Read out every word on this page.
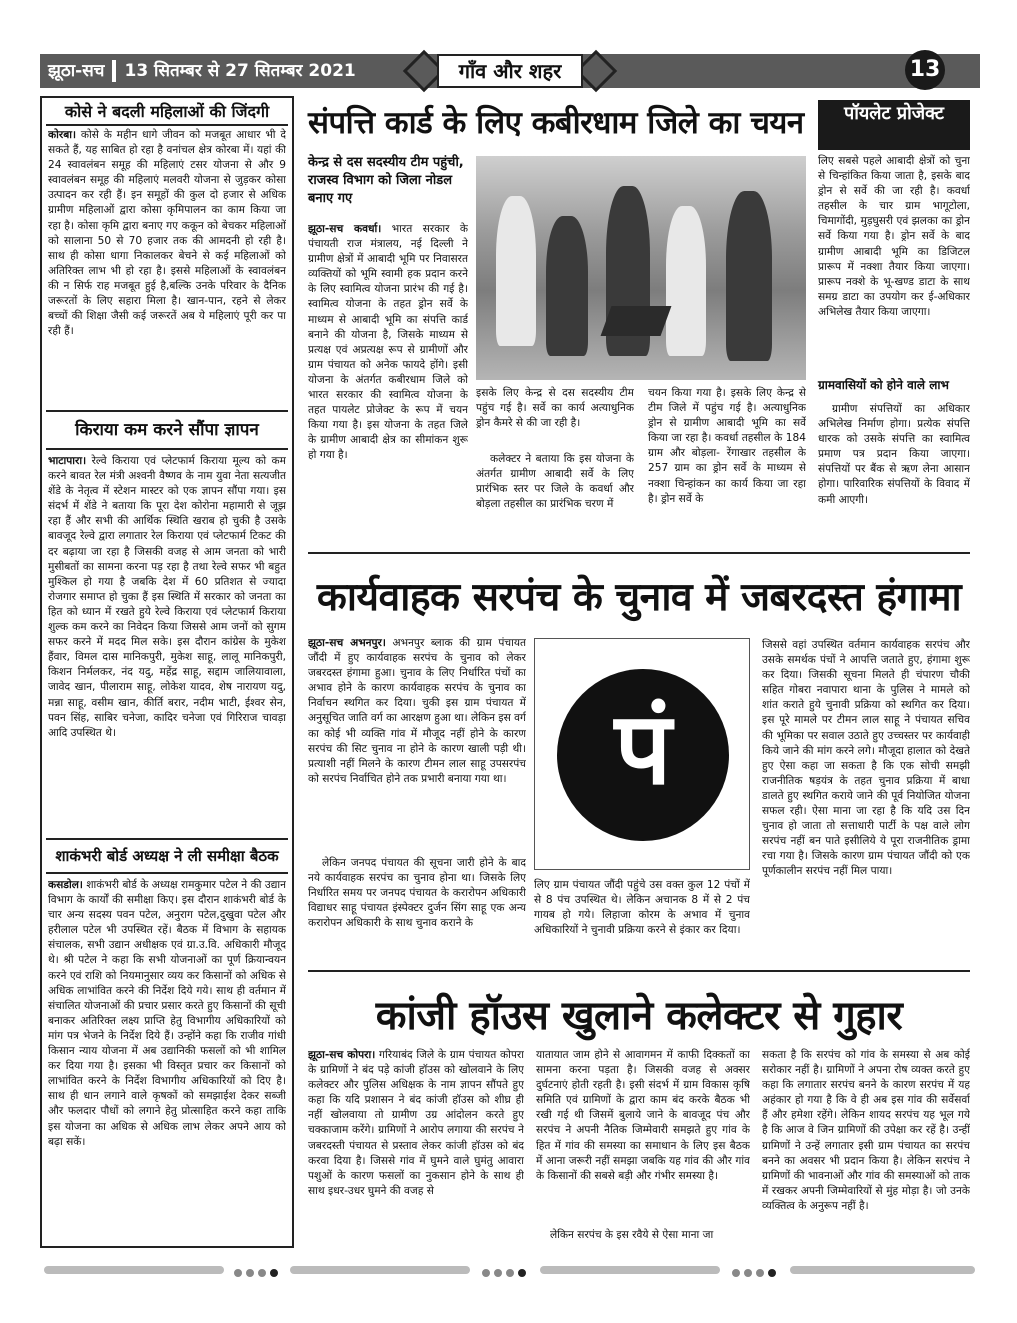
झूठा-सच 13 सितम्बर से 27 सितम्बर 2021	गाँव और शहर	13
कोसे ने बदली महिलाओं की जिंदगी
कोरबा। कोसे के महीन धागे जीवन को मजबूत आधार भी दे सकते हैं, यह साबित हो रहा है वनांचल क्षेत्र कोरबा में। यहां की 24 स्वावलंबन समूह की महिलाएं टसर योजना से और 9 स्वावलंबन समूह की महिलाएं मलवरी योजना से जुड़कर कोसा उत्पादन कर रही हैं। इन समूहों की कुल दो हजार से अधिक ग्रामीण महिलाओं द्वारा कोसा कृमिपालन का काम किया जा रहा है। कोसा कृमि द्वारा बनाए गए ककून को बेचकर महिलाओं को सालाना 50 से 70 हजार तक की आमदनी हो रही है। साथ ही कोसा धागा निकालकर बेचने से कई महिलाओं को अतिरिक्त लाभ भी हो रहा है। इससे महिलाओं के स्वावलंबन की न सिर्फ राह मजबूत हुई है,बल्कि उनके परिवार के दैनिक जरूरतों के लिए सहारा मिला है। खान-पान, रहने से लेकर बच्चों की शिक्षा जैसी कई जरूरतें अब ये महिलाएं पूरी कर पा रही हैं।
किराया कम करने सौंपा ज्ञापन
भाटापारा। रेल्वे किराया एवं प्लेटफार्म किराया मूल्य को कम करने बावत रेल मंत्री अश्वनी वैष्णव के नाम युवा नेता सत्यजीत शेंडे के नेतृत्व में स्टेशन मास्टर को एक ज्ञापन सौंपा गया। इस संदर्भ में शेंडे ने बताया कि पूरा देश कोरोना महामारी से जूझ रहा हैं और सभी की आर्थिक स्थिति खराब हो चुकी है उसके बावजूद रेल्वे द्वारा लगातार रेल किराया एवं प्लेटफार्म टिकट की दर बढ़ाया जा रहा है जिसकी वजह से आम जनता को भारी मुसीबतों का सामना करना पड़ रहा है तथा रेल्वे सफर भी बहुत मुश्किल हो गया है जबकि देश में 60 प्रतिशत से ज्यादा रोजगार समाप्त हो चुका हैं इस स्थिति में सरकार को जनता का हित को ध्यान में रखते हुये रेल्वे किराया एवं प्लेटफार्म किराया शुल्क कम करने का निवेदन किया जिससे आम जनों को सुगम सफर करने में मदद मिल सके। इस दौरान कांग्रेस के मुकेश हैंवार, विमल दास मानिकपुरी, मुकेश साहू, लालू मानिकपुरी, किशन निर्मलकर, नंद यदु, महेंद्र साहू, सद्दाम जालियावाला, जावेद खान, पीलाराम साहू, लोकेश यादव, शेष नारायण यदु, मन्ना साहू, वसीम खान, कीर्ति बरार, नदीम भाटी, ईश्वर सेन, पवन सिंह, साबिर चनेजा, कादिर चनेजा एवं गिरिराज चावड़ा आदि उपस्थित थे।
शाकंभरी बोर्ड अध्यक्ष ने ली समीक्षा बैठक
कसडोल। शाकंभरी बोर्ड के अध्यक्ष रामकुमार पटेल ने की उद्यान विभाग के कार्यों की समीक्षा किए। इस दौरान शाकंभरी बोर्ड के चार अन्य सदस्य पवन पटेल, अनुराग पटेल,दुखुवा पटेल और हरीलाल पटेल भी उपस्थित रहें। बैठक में विभाग के सहायक संचालक, सभी उद्यान अधीक्षक एवं ग्रा.उ.वि. अधिकारी मौजूद थे। श्री पटेल ने कहा कि सभी योजनाओं का पूर्ण क्रियान्वयन करने एवं राशि को नियमानुसार व्यय कर किसानों को अधिक से अधिक लाभांवित करने की निर्देश दिये गये। साथ ही वर्तमान में संचालित योजनाओं की प्रचार प्रसार करते हुए किसानों की सूची बनाकर अतिरिक्त लक्ष्य प्राप्ति हेतु विभागीय अधिकारियों को मांग पत्र भेजने के निर्देश दिये हैं। उन्होंने कहा कि राजीव गांधी किसान न्याय योजना में अब उद्यानिकी फसलों को भी शामिल कर दिया गया है। इसका भी विस्तृत प्रचार कर किसानों को लाभांवित करने के निर्देश विभागीय अधिकारियों को दिए है। साथ ही धान लगाने वाले कृषकों को समझाईश देकर सब्जी और फलदार पौधों को लगाने हेतु प्रोत्साहित करने कहा ताकि इस योजना का अधिक से अधिक लाभ लेकर अपने आय को बढ़ा सकें।
संपत्ति कार्ड के लिए कबीरधाम जिले का चयन
केन्द्र से दस सदस्यीय टीम पहुंची, राजस्व विभाग को जिला नोडल बनाए गए
झूठा-सच कवर्धा। भारत सरकार के पंचायती राज मंत्रालय, नई दिल्ली ने ग्रामीण क्षेत्रों में आबादी भूमि पर निवासरत व्यक्तियों को भूमि स्वामी हक प्रदान करने के लिए स्वामित्व योजना प्रारंभ की गई है। स्वामित्व योजना के तहत ड्रोन सर्वे के माध्यम से आबादी भूमि का संपत्ति कार्ड बनाने की योजना है, जिसके माध्यम से प्रत्यक्ष एवं अप्रत्यक्ष रूप से ग्रामीणों और ग्राम पंचायत को अनेक फायदे होंगे। इसी योजना के अंतर्गत कबीरधाम जिले को भारत सरकार की स्वामित्व योजना के तहत पायलेट प्रोजेक्ट के रूप में चयन किया गया है। इस योजना के तहत जिले के ग्रामीण आबादी क्षेत्र का सीमांकन शुरू हो गया है।
इसके लिए केन्द्र से दस सदस्यीय टीम पहुंच गई है। सर्वे का कार्य अत्याधुनिक ड्रोन कैमरे से की जा रही है।
कलेक्टर ने बताया कि इस योजना के अंतर्गत ग्रामीण आबादी सर्वे के लिए प्रारंभिक स्तर पर जिले के कवर्धा और बोड़ला तहसील का प्रारंभिक चरण में
चयन किया गया है। इसके लिए केन्द्र से टीम जिले में पहुंच गई है। अत्याधुनिक ड्रोन से ग्रामीण आबादी भूमि का सर्वे किया जा रहा है। कवर्धा तहसील के 184 ग्राम और बोड़ला- रेंगाखार तहसील के 257 ग्राम का ड्रोन सर्वे के माध्यम से नक्शा चिन्हांकन का कार्य किया जा रहा है। ड्रोन सर्वे के
पॉयलेट प्रोजेक्ट
लिए सबसे पहले आबादी क्षेत्रों को चुना से चिन्हांकित किया जाता है, इसके बाद ड्रोन से सर्वे की जा रही है। कवर्धा तहसील के चार ग्राम भागूटोला, चिमागोंदी, मुड़घुसरी एवं झलका का ड्रोन सर्वे किया गया है। ड्रोन सर्वे के बाद ग्रामीण आबादी भूमि का डिजिटल प्रारूप में नक्शा तैयार किया जाएगा। प्रारूप नक्शे के भू-खण्ड डाटा के साथ समग्र डाटा का उपयोग कर ई-अधिकार अभिलेख तैयार किया जाएगा।
ग्रामवासियों को होने वाले लाभ
ग्रामीण संपत्तियों का अधिकार अभिलेख निर्माण होगा। प्रत्येक संपत्ति धारक को उसके संपत्ति का स्वामित्व प्रमाण पत्र प्रदान किया जाएगा। संपत्तियों पर बैंक से ऋण लेना आसान होगा। पारिवारिक संपत्तियों के विवाद में कमी आएगी।
कार्यवाहक सरपंच के चुनाव में जबरदस्त हंगामा
झूठा-सच अभनपुर। अभनपुर ब्लाक की ग्राम पंचायत जौंदी में हुए कार्यवाहक सरपंच के चुनाव को लेकर जबरदस्त हंगामा हुआ। चुनाव के लिए निर्धारित पंचों का अभाव होने के कारण कार्यवाहक सरपंच के चुनाव का निर्वाचन स्थगित कर दिया। चुकी इस ग्राम पंचायत में अनुसूचित जाति वर्ग का आरक्षण हुआ था। लेकिन इस वर्ग का कोई भी व्यक्ति गांव में मौजूद नहीं होने के कारण सरपंच की सिट चुनाव ना होने के कारण खाली पड़ी थी। प्रत्याशी नहीं मिलने के कारण टीमन लाल साहू उपसरपंच को सरपंच निर्वाचित होने तक प्रभारी बनाया गया था।
लेकिन जनपद पंचायत की सूचना जारी होने के बाद नये कार्यवाहक सरपंच का चुनाव होना था। जिसके लिए निर्धारित समय पर जनपद पंचायत के करारोपन अधिकारी विद्याधर साहू पंचायत इंस्पेक्टर दुर्जन सिंग साहू एक अन्य करारोपन अधिकारी के साथ चुनाव कराने के
पं
लिए ग्राम पंचायत जौंदी पहुंचे उस वक्त कुल 12 पंचों में से 8 पंच उपस्थित थे। लेकिन अचानक 8 में से 2 पंच गायब हो गये। लिहाजा कोरम के अभाव में चुनाव अधिकारियों ने चुनावी प्रक्रिया करने से इंकार कर दिया।
जिससे वहां उपस्थित वर्तमान कार्यवाहक सरपंच और उसके समर्थक पंचों ने आपत्ति जताते हुए, हंगामा शुरू कर दिया। जिसकी सूचना मिलते ही चंपारण चौकी सहित गोबरा नवापारा थाना के पुलिस ने मामले को शांत कराते हुये चुनावी प्रक्रिया को स्थगित कर दिया। इस पूरे मामले पर टीमन लाल साहू ने पंचायत सचिव की भूमिका पर सवाल उठाते हुए उच्चस्तर पर कार्यवाही किये जाने की मांग करने लगे। मौजूदा हालात को देखते हुए ऐसा कहा जा सकता है कि एक सोची समझी राजनीतिक षड़यंत्र के तहत चुनाव प्रक्रिया में बाधा डालते हुए स्थगित कराये जाने की पूर्व नियोजित योजना सफल रही। ऐसा माना जा रहा है कि यदि उस दिन चुनाव हो जाता तो सत्ताधारी पार्टी के पक्ष वाले लोग सरपंच नहीं बन पाते इसीलिये ये पूरा राजनीतिक ड्रामा रचा गया है। जिसके कारण ग्राम पंचायत जौंदी को एक पूर्णकालीन सरपंच नहीं मिल पाया।
कांजी हॉउस खुलाने कलेक्टर से गुहार
झूठा-सच कोपरा। गरियाबंद जिले के ग्राम पंचायत कोपरा के ग्रामिणों ने बंद पड़े कांजी हॉउस को खोलवाने के लिए कलेक्टर और पुलिस अधिक्षक के नाम ज्ञापन सौंपते हुए कहा कि यदि प्रशासन ने बंद कांजी हॉउस को शीघ्र ही नहीं खोलवाया तो ग्रामीण उग्र आंदोलन करते हुए चक्काजाम करेंगे। ग्रामिणों ने आरोप लगाया की सरपंच ने जबरदस्ती पंचायत से प्रस्ताव लेकर कांजी हॉउस को बंद करवा दिया है। जिससे गांव में घुमने वाले घुमंतु आवारा पशुओं के कारण फसलों का नुकसान होने के साथ ही साथ इधर-उधर घुमने की वजह से
यातायात जाम होने से आवागमन में काफी दिक्कतों का सामना करना पड़ता है। जिसकी वजह से अक्सर दुर्घटनाएं होती रहती है। इसी संदर्भ में ग्राम विकास कृषि समिति एवं ग्रामिणों के द्वारा काम बंद करके बैठक भी रखी गई थी जिसमें बुलाये जाने के बावजूद पंच और सरपंच ने अपनी नैतिक जिम्मेवारी समझते हुए गांव के हित में गांव की समस्या का समाधान के लिए इस बैठक में आना जरूरी नहीं समझा जबकि यह गांव की और गांव के किसानों की सबसे बड़ी और गंभीर समस्या है।
लेकिन सरपंच के इस रवैये से ऐसा माना जा
सकता है कि सरपंच को गांव के समस्या से अब कोई सरोकार नहीं है। ग्रामिणों ने अपना रोष व्यक्त करते हुए कहा कि लगातार सरपंच बनने के कारण सरपंच में यह अहंकार हो गया है कि वे ही अब इस गांव की सर्वेसर्वा हैं और हमेशा रहेंगे। लेकिन शायद सरपंच यह भूल गये है कि आज वे जिन ग्रामिणों की उपेक्षा कर रहें है। उन्हीं ग्रामिणों ने उन्हें लगातार इसी ग्राम पंचायत का सरपंच बनने का अवसर भी प्रदान किया है। लेकिन सरपंच ने ग्रामिणों की भावनाओं और गांव की समस्याओं को ताक में रखकर अपनी जिम्मेवारियों से मुंह मोड़ा है। जो उनके व्यक्तित्व के अनुरूप नहीं है।
